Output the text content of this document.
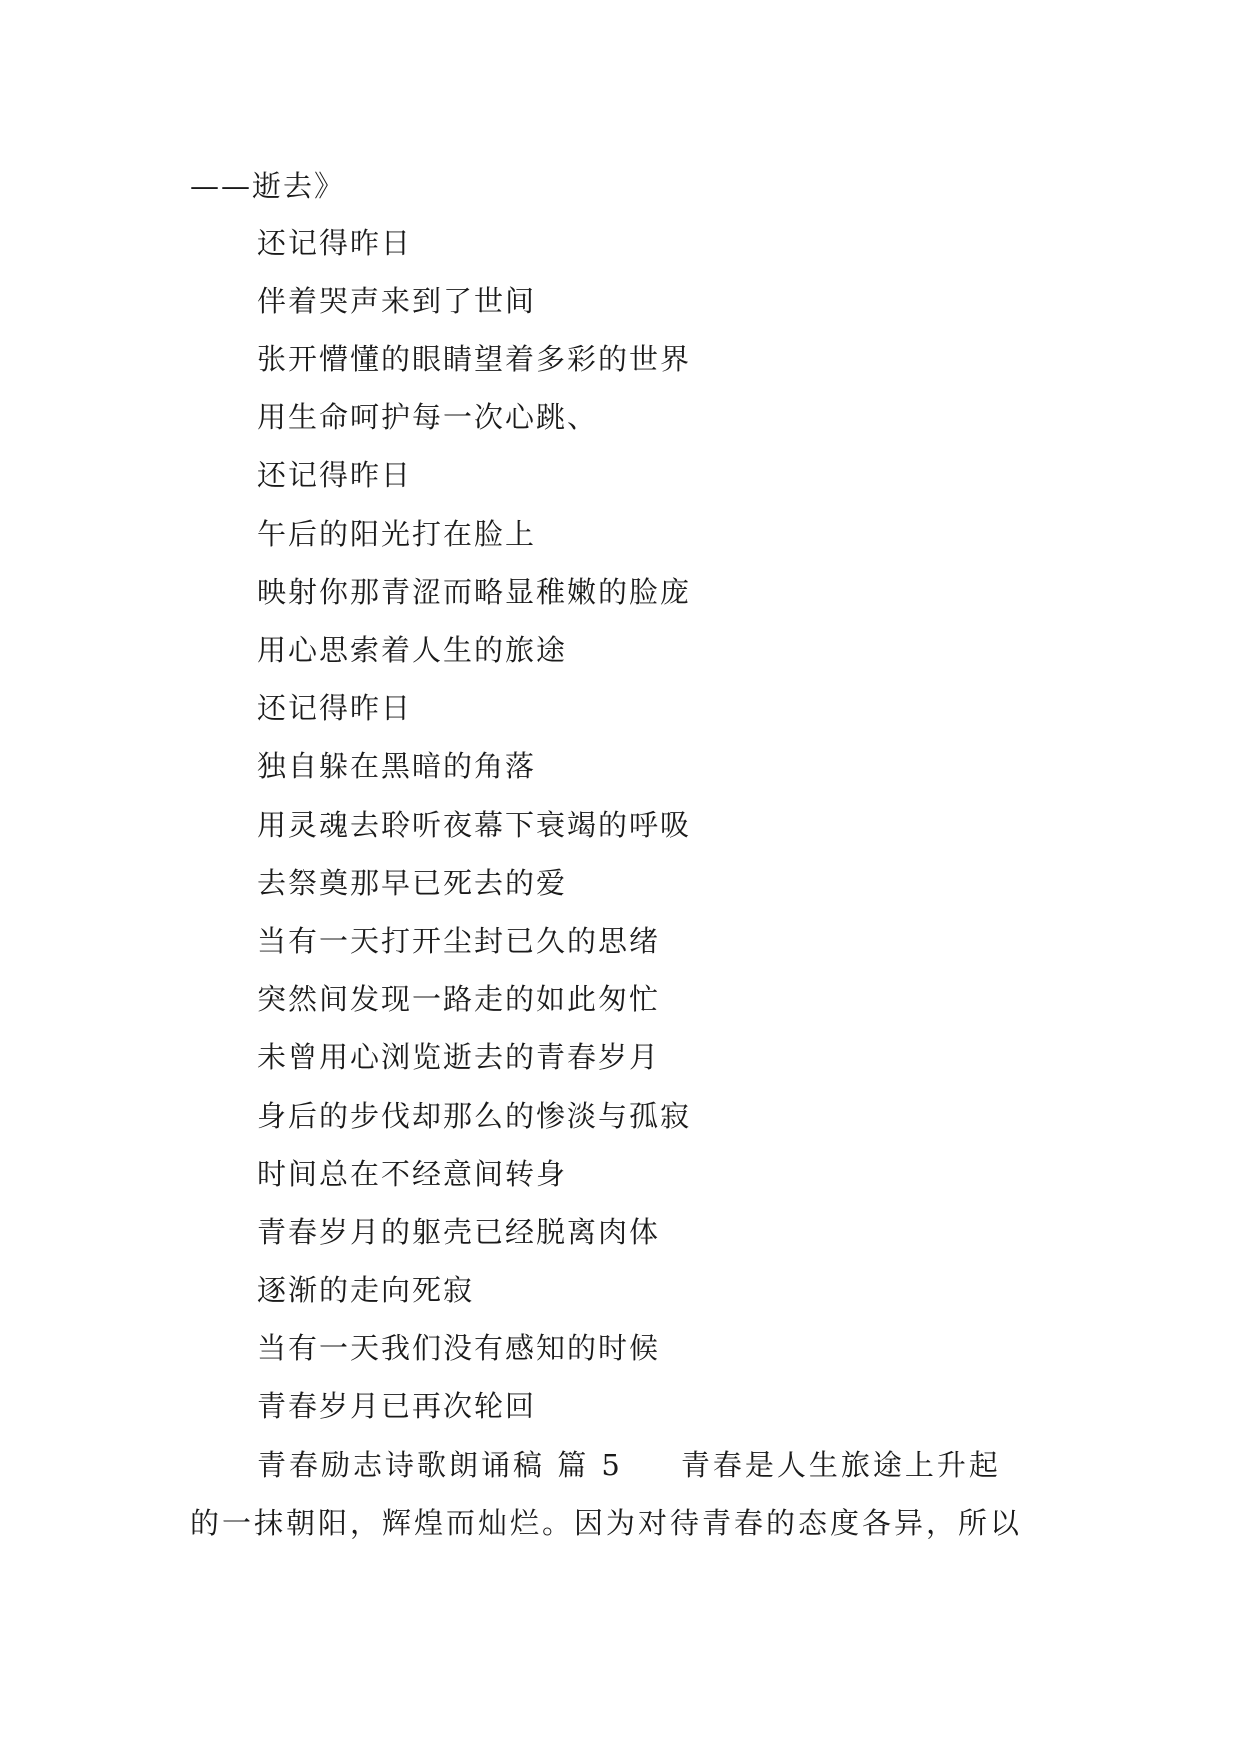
——逝去》
还记得昨日
伴着哭声来到了世间
张开懵懂的眼睛望着多彩的世界
用生命呵护每一次心跳、
还记得昨日
午后的阳光打在脸上
映射你那青涩而略显稚嫩的脸庞
用心思索着人生的旅途
还记得昨日
独自躲在黑暗的角落
用灵魂去聆听夜幕下衰竭的呼吸
去祭奠那早已死去的爱
当有一天打开尘封已久的思绪
突然间发现一路走的如此匆忙
未曾用心浏览逝去的青春岁月
身后的步伐却那么的惨淡与孤寂
时间总在不经意间转身
青春岁月的躯壳已经脱离肉体
逐渐的走向死寂
当有一天我们没有感知的时候
青春岁月已再次轮回
青春励志诗歌朗诵稿 篇 5 青春是人生旅途上升起
的一抹朝阳，辉煌而灿烂。因为对待青春的态度各异，所以
